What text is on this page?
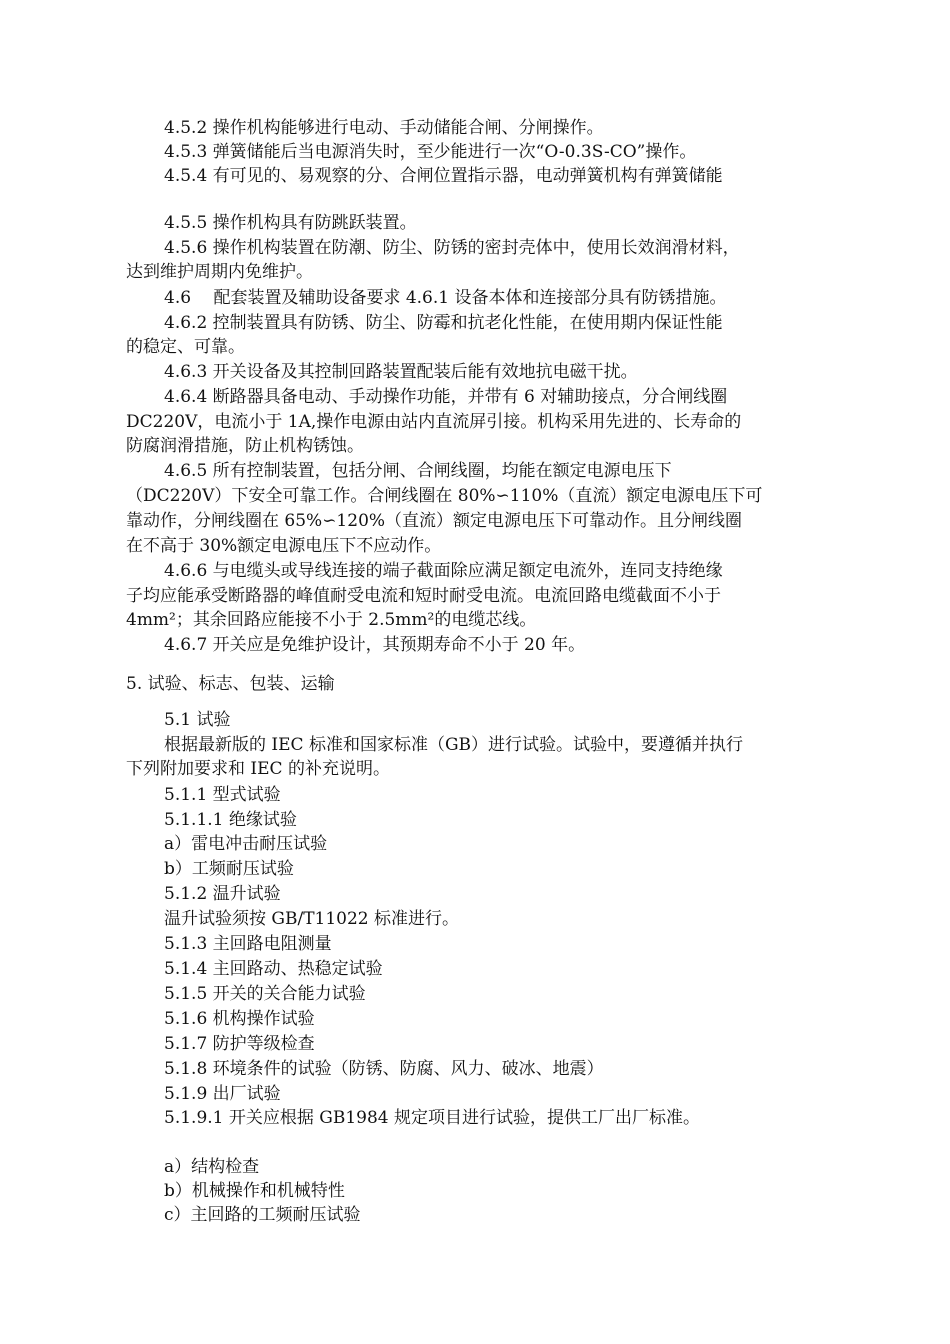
4.5.2 操作机构能够进行电动、手动储能合闸、分闸操作。
4.5.3 弹簧储能后当电源消失时，至少能进行一次“O-0.3S-CO”操作。
4.5.4 有可见的、易观察的分、合闸位置指示器，电动弹簧机构有弹簧储能
4.5.5 操作机构具有防跳跃装置。
4.5.6 操作机构装置在防潮、防尘、防锈的密封壳体中，使用长效润滑材料，
达到维护周期内免维护。
4.6　 配套装置及辅助设备要求 4.6.1 设备本体和连接部分具有防锈措施。
4.6.2 控制装置具有防锈、防尘、防霉和抗老化性能，在使用期内保证性能
的稳定、可靠。
4.6.3 开关设备及其控制回路装置配装后能有效地抗电磁干扰。
4.6.4 断路器具备电动、手动操作功能，并带有 6 对辅助接点，分合闸线圈
DC220V，电流小于 1A,操作电源由站内直流屏引接。机构采用先进的、长寿命的
防腐润滑措施，防止机构锈蚀。
4.6.5 所有控制装置，包括分闸、合闸线圈，均能在额定电源电压下
（DC220V）下安全可靠工作。合闸线圈在 80%∽110%（直流）额定电源电压下可
靠动作，分闸线圈在 65%∽120%（直流）额定电源电压下可靠动作。且分闸线圈
在不高于 30%额定电源电压下不应动作。
4.6.6 与电缆头或导线连接的端子截面除应满足额定电流外，连同支持绝缘
子均应能承受断路器的峰值耐受电流和短时耐受电流。电流回路电缆截面不小于
4mm²；其余回路应能接不小于 2.5mm²的电缆芯线。
4.6.7 开关应是免维护设计，其预期寿命不小于 20 年。
5. 试验、标志、包装、运输
5.1 试验
根据最新版的 IEC 标准和国家标准（GB）进行试验。试验中，要遵循并执行
下列附加要求和 IEC 的补充说明。
5.1.1 型式试验
5.1.1.1 绝缘试验
a）雷电冲击耐压试验
b）工频耐压试验
5.1.2 温升试验
温升试验须按 GB/T11022 标准进行。
5.1.3 主回路电阻测量
5.1.4 主回路动、热稳定试验
5.1.5 开关的关合能力试验
5.1.6 机构操作试验
5.1.7 防护等级检查
5.1.8 环境条件的试验（防锈、防腐、风力、破冰、地震）
5.1.9 出厂试验
5.1.9.1 开关应根据 GB1984 规定项目进行试验，提供工厂出厂标准。
a）结构检查
b）机械操作和机械特性
c）主回路的工频耐压试验
